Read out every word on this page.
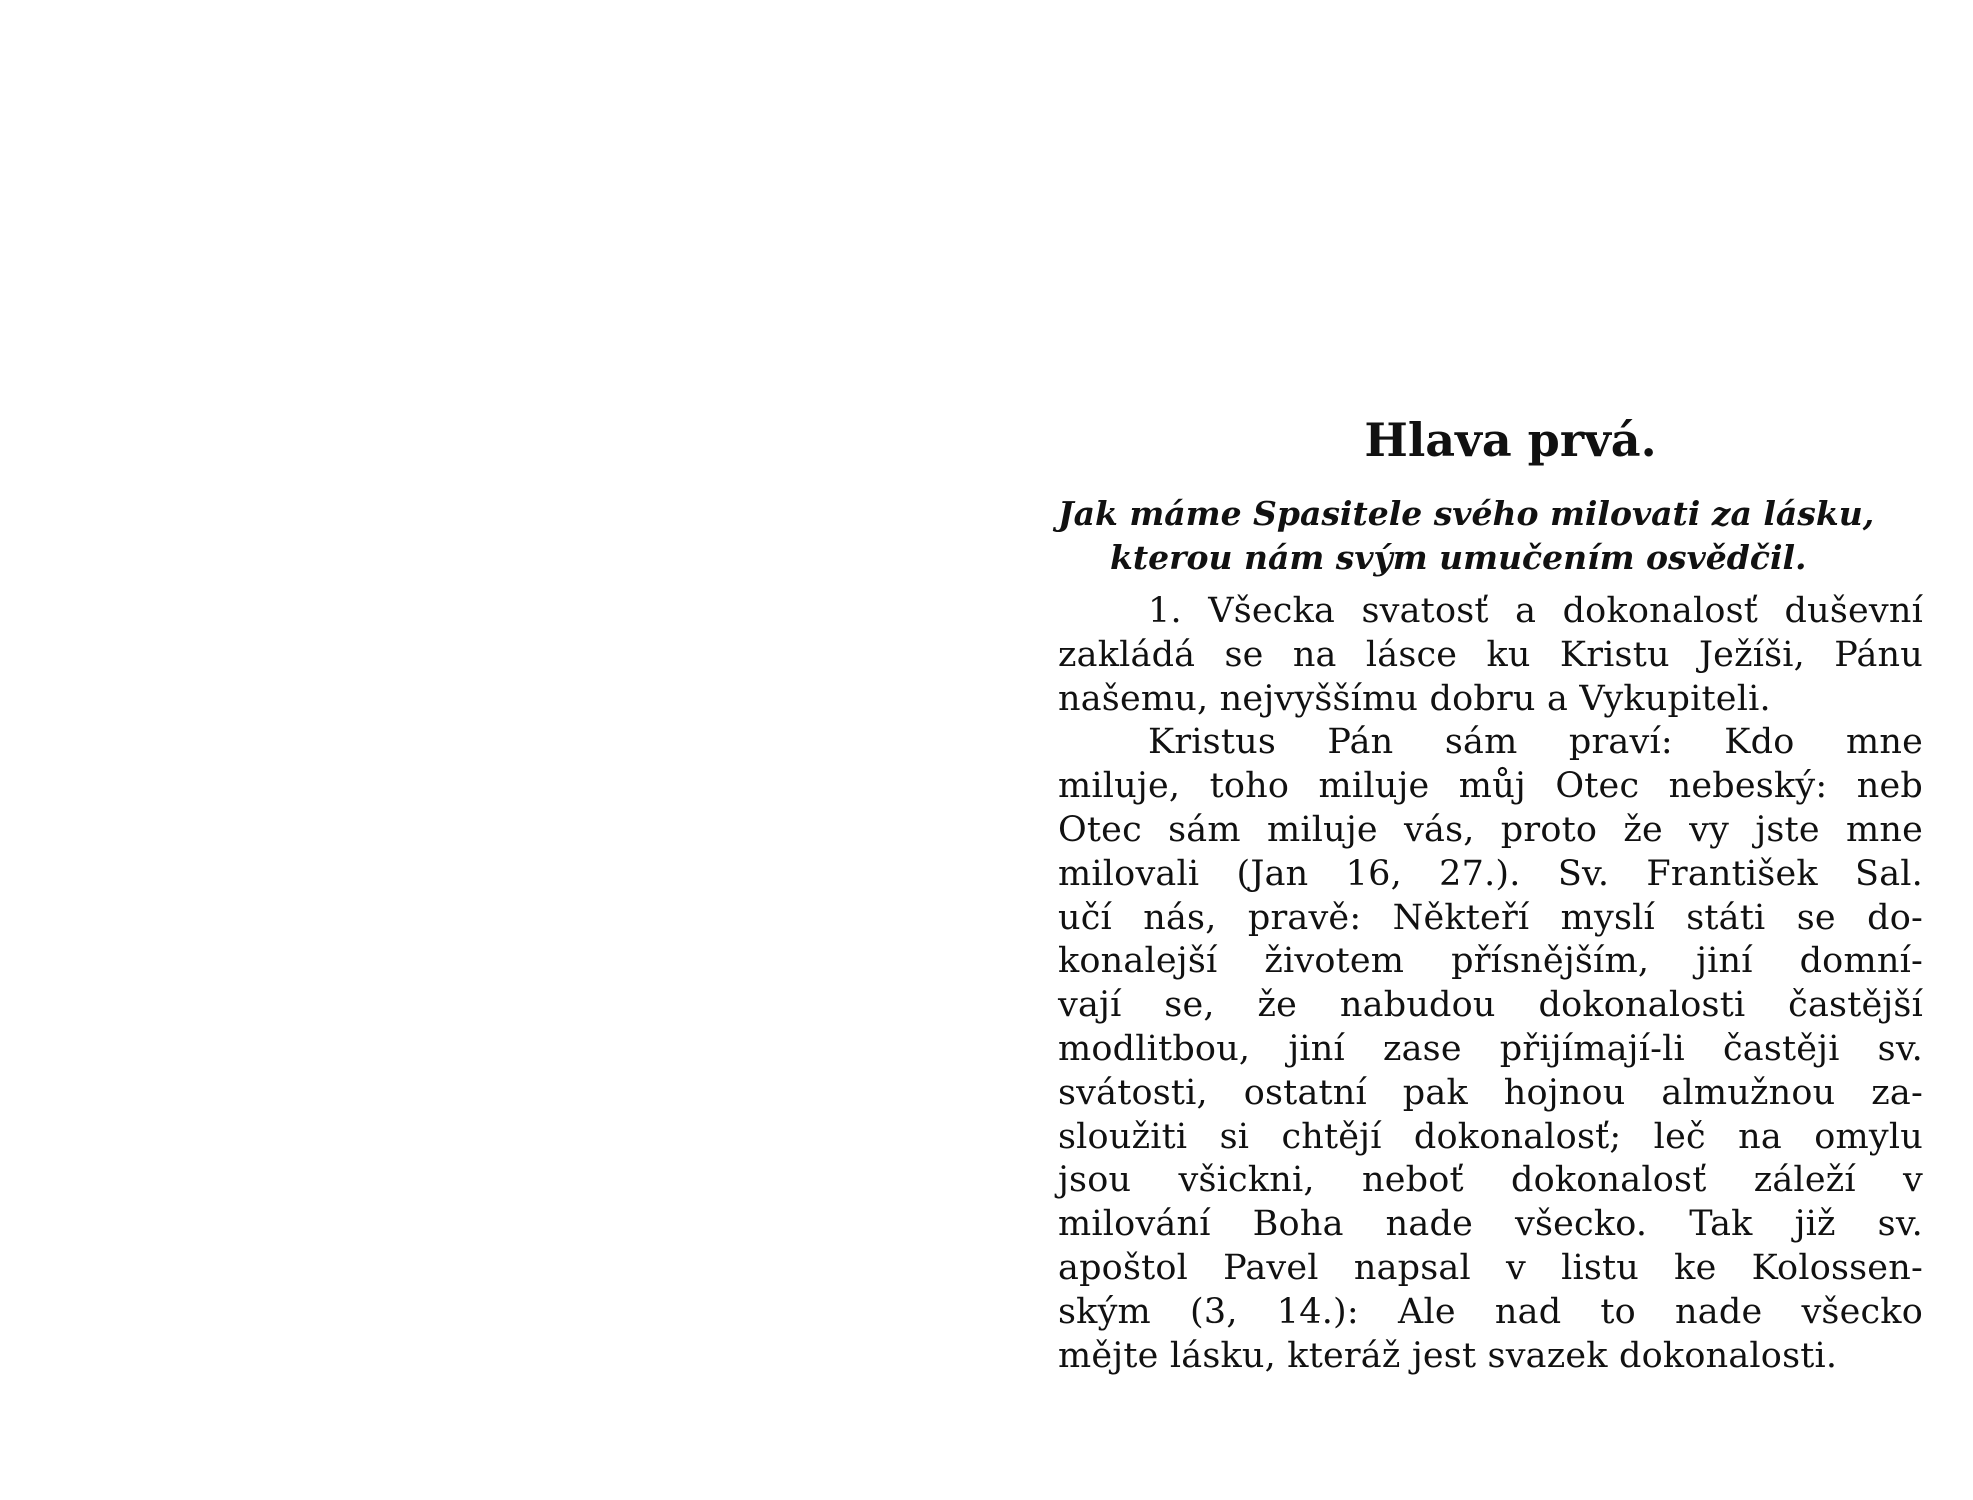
Hlava prvá.
Jak máme Spasitele svého milovati za lásku,
kterou nám svým umučením osvědčil.
1. Všecka svatosť a dokonalosť duševní
zakládá se na lásce ku Kristu Ježíši, Pánu
našemu, nejvyššímu dobru a Vykupiteli.
Kristus Pán sám praví: Kdo mne
miluje, toho miluje můj Otec nebeský: neb
Otec sám miluje vás, proto že vy jste mne
milovali (Jan 16, 27.). Sv. František Sal.
učí nás, pravě: Někteří myslí státi se do-
konalejší životem přísnějším, jiní domní-
vají se, že nabudou dokonalosti častější
modlitbou, jiní zase přijímají-li častěji sv.
svátosti, ostatní pak hojnou almužnou za-
sloužiti si chtějí dokonalosť; leč na omylu
jsou všickni, neboť dokonalosť záleží v
milování Boha nade všecko. Tak již sv.
apoštol Pavel napsal v listu ke Kolossen-
ským (3, 14.): Ale nad to nade všecko
mějte lásku, kteráž jest svazek dokonalosti.
